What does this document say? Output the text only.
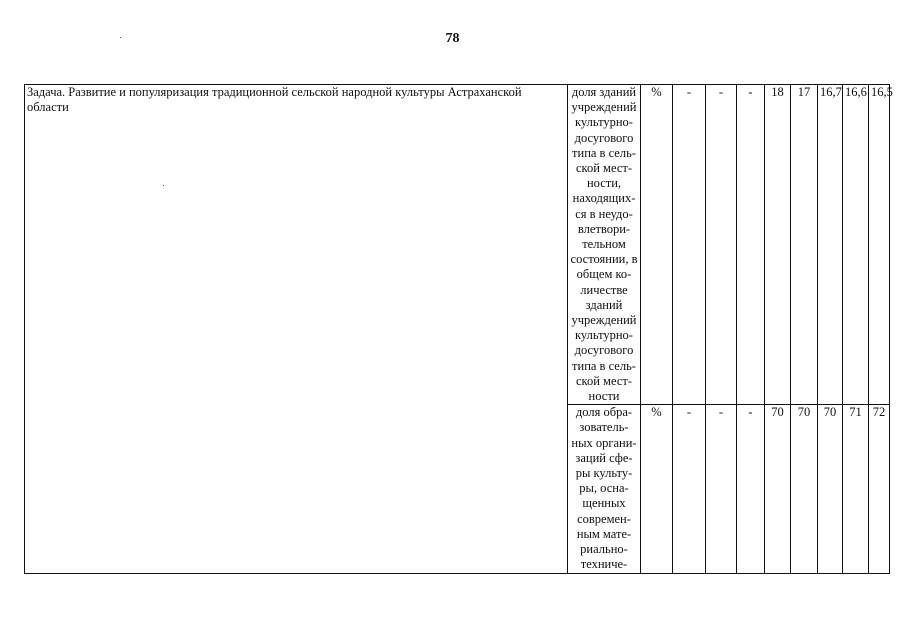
78
Задача. Развитие и популяризация традиционной сельской народной культуры Астраханской области	доля зданий учреждений культурно-досугового типа в сель-ской мест-ности, находящих-ся в неудо-влетвори-тельном состоянии, в общем ко-личестве зданий учреждений культурно-досугового типа в сель-ской мест-ности	%	-	-	-	18	17	16,7	16,6	16,5
	доля обра-зователь-ных органи-заций сфе-ры культу-ры, осна-щенных современ-ным мате-риально-техниче-	%	-	-	-	70	70	70	71	72
